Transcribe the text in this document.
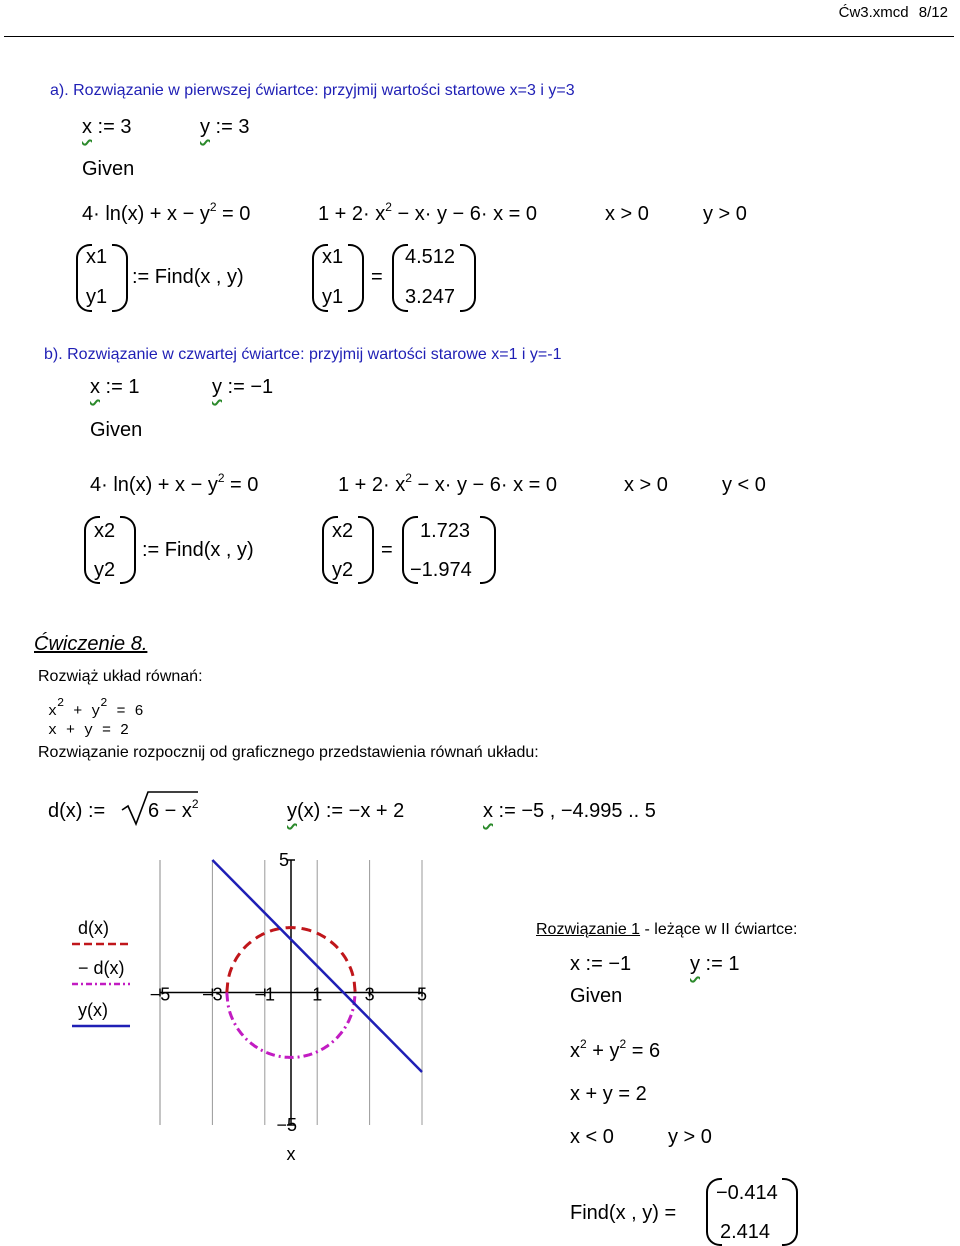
Ćw3.xmcd 8/12
a). Rozwiązanie w pierwszej ćwiartce: przyjmij wartości startowe x=3 i y=3
x := 3	y := 3
Given
$4\cdot \ln(x) + x - y^2 = 0$	$1 + 2\cdot x^2 - x\cdot y - 6\cdot x = 0$	x > 0	y > 0
x1
y1
:= Find(x , y)
x1
y1
=
4.512
3.247
b). Rozwiązanie w czwartej ćwiartce: przyjmij wartości starowe x=1 i y=-1
x := 1	y := −1
Given
$4\cdot \ln(x) + x - y^2 = 0$	$1 + 2\cdot x^2 - x\cdot y - 6\cdot x = 0$	x > 0	y < 0
x2
y2
:= Find(x , y)
x2
y2
=
1.723
−1.974
Ćwiczenie 8.
Rozwiąż układ równań:
$x^2 + y^2 = 6$
x + y = 2
Rozwiązanie rozpocznij od graficznego przedstawienia równań układu:
d(x) := $6 - x^2$	y(x) := −x + 2	x := −5 , −4.995 .. 5
−5 −3 −1 1 3 5
5
−5
x
d(x)
− d(x)
y(x)
Rozwiązanie 1 - leżące w II ćwiartce:
x := −1	y := 1
Given
$x^2 + y^2 = 6$
x + y = 2
x < 0	y > 0
Find(x , y) =
−0.414
2.414
